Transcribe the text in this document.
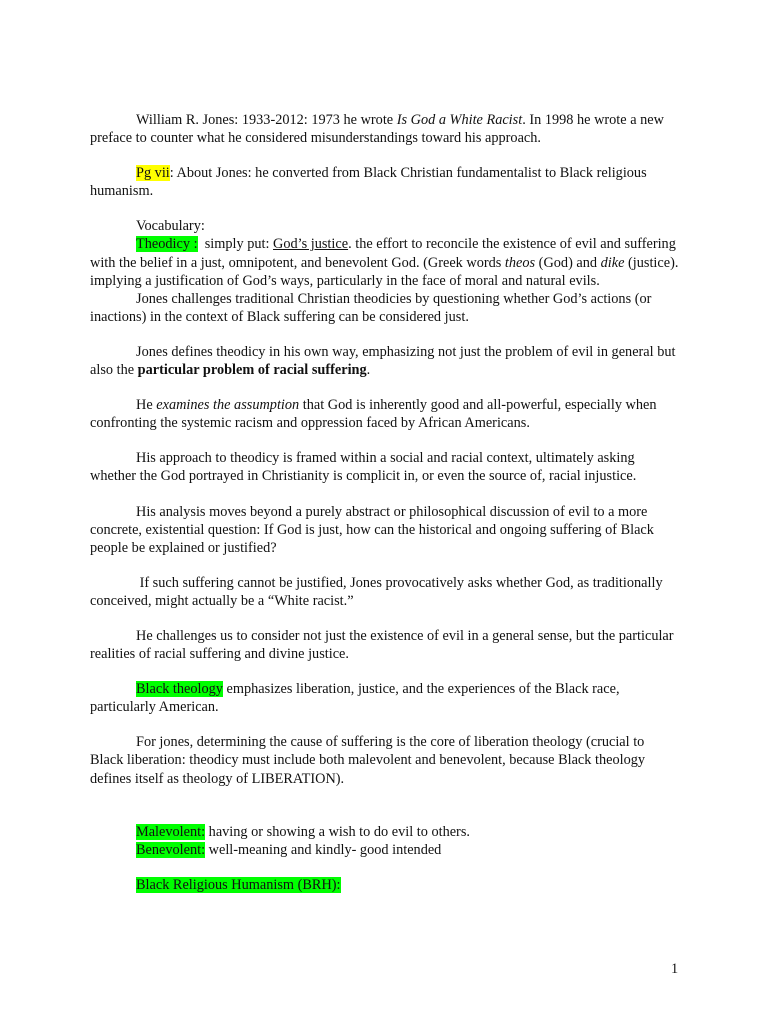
William R. Jones: 1933-2012: 1973 he wrote Is God a White Racist. In 1998 he wrote a new preface to counter what he considered misunderstandings toward his approach.

Pg vii: About Jones: he converted from Black Christian fundamentalist to Black religious humanism.

Vocabulary:

Theodicy :  simply put: God’s justice. the effort to reconcile the existence of evil and suffering with the belief in a just, omnipotent, and benevolent God. (Greek words theos (God) and dike (justice). implying a justification of God’s ways, particularly in the face of moral and natural evils.

Jones challenges traditional Christian theodicies by questioning whether God’s actions (or inactions) in the context of Black suffering can be considered just.

Jones defines theodicy in his own way, emphasizing not just the problem of evil in general but also the particular problem of racial suffering.

He examines the assumption that God is inherently good and all-powerful, especially when confronting the systemic racism and oppression faced by African Americans.

His approach to theodicy is framed within a social and racial context, ultimately asking whether the God portrayed in Christianity is complicit in, or even the source of, racial injustice.

His analysis moves beyond a purely abstract or philosophical discussion of evil to a more concrete, existential question: If God is just, how can the historical and ongoing suffering of Black people be explained or justified?

If such suffering cannot be justified, Jones provocatively asks whether God, as traditionally conceived, might actually be a “White racist.”

He challenges us to consider not just the existence of evil in a general sense, but the particular realities of racial suffering and divine justice.

Black theology emphasizes liberation, justice, and the experiences of the Black race, particularly American.

For jones, determining the cause of suffering is the core of liberation theology (crucial to Black liberation: theodicy must include both malevolent and benevolent, because Black theology defines itself as theology of LIBERATION).

Malevolent: having or showing a wish to do evil to others.

Benevolent: well-meaning and kindly- good intended

Black Religious Humanism (BRH):

1
